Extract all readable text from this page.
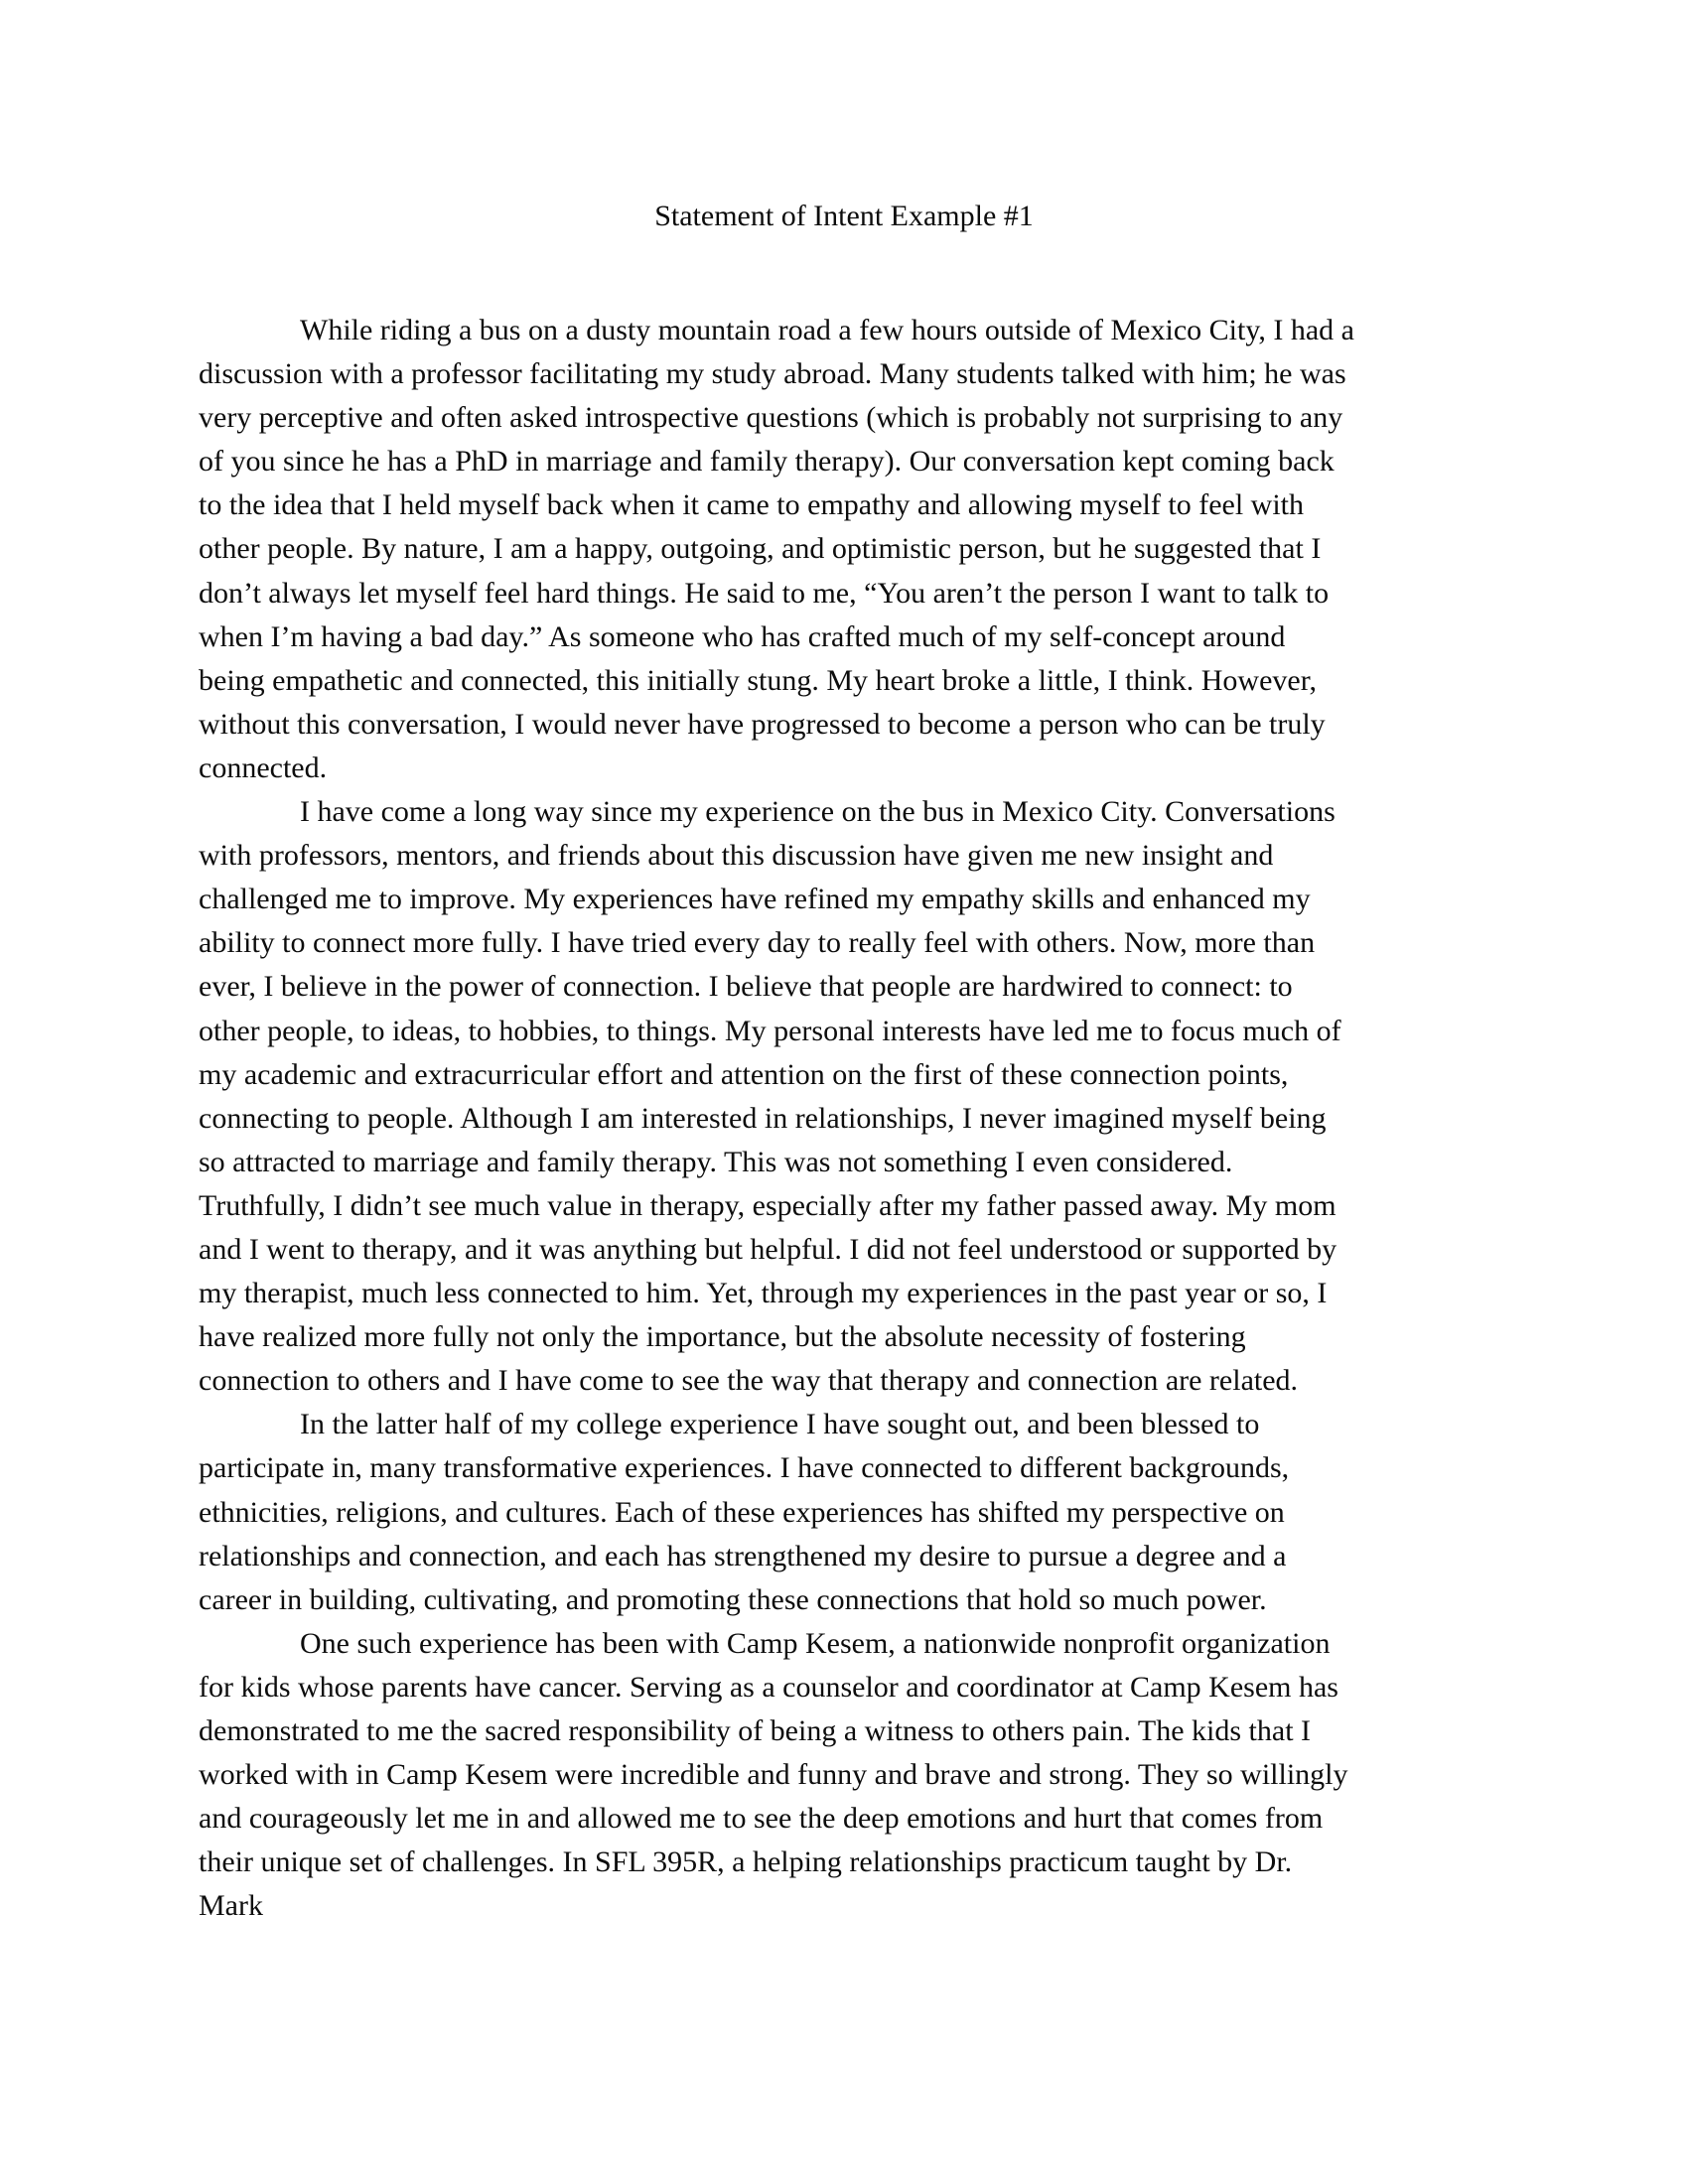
Statement of Intent Example #1
While riding a bus on a dusty mountain road a few hours outside of Mexico City, I had a
discussion with a professor facilitating my study abroad. Many students talked with him; he was
very perceptive and often asked introspective questions (which is probably not surprising to any
of you since he has a PhD in marriage and family therapy). Our conversation kept coming back
to the idea that I held myself back when it came to empathy and allowing myself to feel with
other people. By nature, I am a happy, outgoing, and optimistic person, but he suggested that I
don’t always let myself feel hard things. He said to me, “You aren’t the person I want to talk to
when I’m having a bad day.” As someone who has crafted much of my self-concept around
being empathetic and connected, this initially stung. My heart broke a little, I think. However,
without this conversation, I would never have progressed to become a person who can be truly
connected.
I have come a long way since my experience on the bus in Mexico City. Conversations
with professors, mentors, and friends about this discussion have given me new insight and
challenged me to improve. My experiences have refined my empathy skills and enhanced my
ability to connect more fully. I have tried every day to really feel with others. Now, more than
ever, I believe in the power of connection. I believe that people are hardwired to connect: to
other people, to ideas, to hobbies, to things. My personal interests have led me to focus much of
my academic and extracurricular effort and attention on the first of these connection points,
connecting to people. Although I am interested in relationships, I never imagined myself being
so attracted to marriage and family therapy. This was not something I even considered.
Truthfully, I didn’t see much value in therapy, especially after my father passed away. My mom
and I went to therapy, and it was anything but helpful. I did not feel understood or supported by
my therapist, much less connected to him. Yet, through my experiences in the past year or so, I
have realized more fully not only the importance, but the absolute necessity of fostering
connection to others and I have come to see the way that therapy and connection are related.
In the latter half of my college experience I have sought out, and been blessed to
participate in, many transformative experiences. I have connected to different backgrounds,
ethnicities, religions, and cultures. Each of these experiences has shifted my perspective on
relationships and connection, and each has strengthened my desire to pursue a degree and a
career in building, cultivating, and promoting these connections that hold so much power.
One such experience has been with Camp Kesem, a nationwide nonprofit organization
for kids whose parents have cancer. Serving as a counselor and coordinator at Camp Kesem has
demonstrated to me the sacred responsibility of being a witness to others pain. The kids that I
worked with in Camp Kesem were incredible and funny and brave and strong. They so willingly
and courageously let me in and allowed me to see the deep emotions and hurt that comes from
their unique set of challenges. In SFL 395R, a helping relationships practicum taught by Dr.
Mark
